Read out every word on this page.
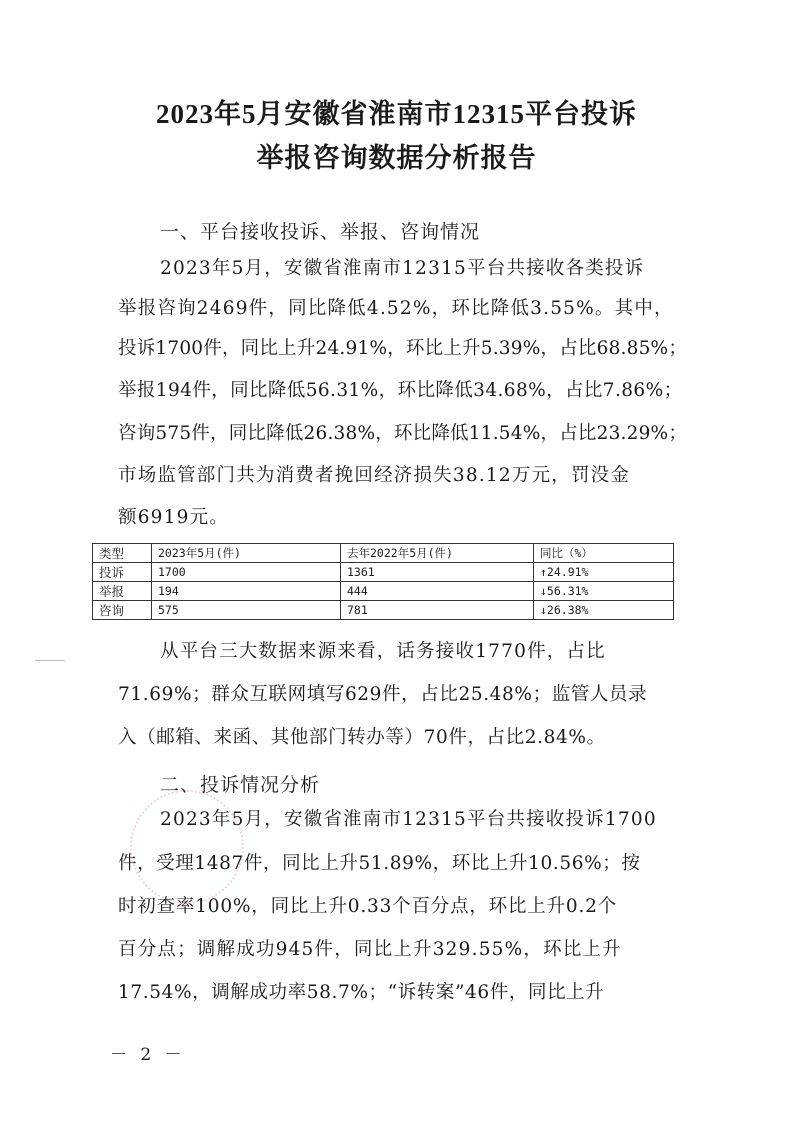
2023年5月安徽省淮南市12315平台投诉
举报咨询数据分析报告
一、平台接收投诉、举报、咨询情况
2023年5月，安徽省淮南市12315平台共接收各类投诉
举报咨询2469件，同比降低4.52%，环比降低3.55%。其中，
投诉1700件，同比上升24.91%，环比上升5.39%，占比68.85%；
举报194件，同比降低56.31%，环比降低34.68%，占比7.86%；
咨询575件，同比降低26.38%，环比降低11.54%，占比23.29%；
市场监管部门共为消费者挽回经济损失38.12万元，罚没金
额6919元。
类型	2023年5月(件)	去年2022年5月(件)	同比（%）
投诉	1700	1361	↑24.91%
举报	194	444	↓56.31%
咨询	575	781	↓26.38%
从平台三大数据来源来看，话务接收1770件，占比
71.69%；群众互联网填写629件，占比25.48%；监管人员录
入（邮箱、来函、其他部门转办等）70件，占比2.84%。
二、投诉情况分析
2023年5月，安徽省淮南市12315平台共接收投诉1700
件，受理1487件，同比上升51.89%，环比上升10.56%；按
时初查率100%，同比上升0.33个百分点，环比上升0.2个
百分点；调解成功945件，同比上升329.55%，环比上升
17.54%，调解成功率58.7%；“诉转案”46件，同比上升
－ 2 －
